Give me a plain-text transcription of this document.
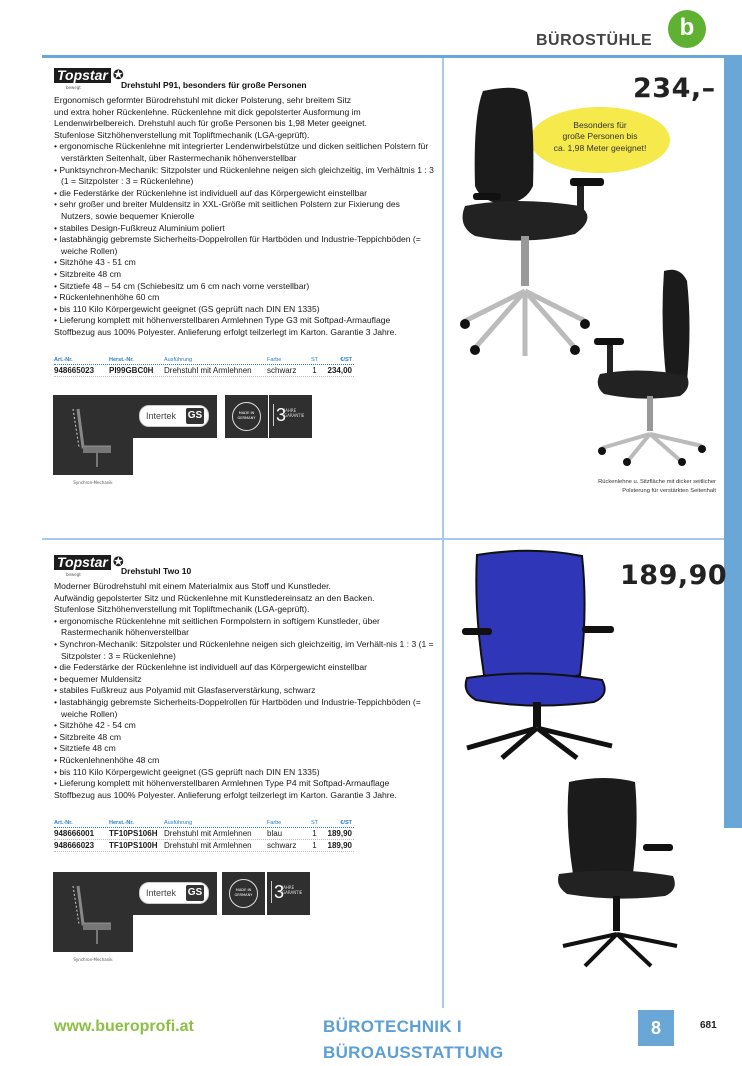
BÜROSTÜHLE	b
Topstar ✪
bewegt	Drehstuhl P91, besonders für große Personen
Ergonomisch geformter Bürodrehstuhl mit dicker Polsterung, sehr breitem Sitz
und extra hoher Rückenlehne. Rückenlehne mit dick gepolsterter Ausformung im
Lendenwirbelbereich. Drehstuhl auch für große Personen bis 1,98 Meter geeignet.
Stufenlose Sitzhöhenverstellung mit Topliftmechanik (LGA-geprüft).
• ergonomische Rückenlehne mit integrierter Lendenwirbelstütze und dicken seitlichen Polstern für verstärkten Seitenhalt, über Rastermechanik höhenverstellbar
• Punktsynchron-Mechanik: Sitzpolster und Rückenlehne neigen sich gleichzeitig, im Verhältnis 1 : 3 (1 = Sitzpolster : 3 = Rückenlehne)
• die Federstärke der Rückenlehne ist individuell auf das Körpergewicht einstellbar
• sehr großer und breiter Muldensitz in XXL-Größe mit seitlichen Polstern zur Fixierung des Nutzers, sowie bequemer Knierolle
• stabiles Design-Fußkreuz Aluminium poliert
• lastabhängig gebremste Sicherheits-Doppelrollen für Hartböden und Industrie-Teppichböden (= weiche Rollen)
• Sitzhöhe 43 - 51 cm
• Sitzbreite 48 cm
• Sitztiefe 48 – 54 cm (Schiebesitz um 6 cm nach vorne verstellbar)
• Rückenlehnenhöhe 60 cm
• bis 110 Kilo Körpergewicht geeignet (GS geprüft nach DIN EN 1335)
• Lieferung komplett mit höhenverstellbaren Armlehnen Type G3 mit Softpad-Armauflage
Stoffbezug aus 100% Polyester. Anlieferung erfolgt teilzerlegt im Karton. Garantie 3 Jahre.
Art.-Nr.	Herst.-Nr.	Ausführung	Farbe	ST	€/ST
948665023	PI99GBC0H	Drehstuhl mit Armlehnen	schwarz	1	234,00
Synchron-Mechanik
Intertek GS	MADE IN
GERMANY 3
JAHRE
GARANTIE
234,–
Besonders für
große Personen bis
ca. 1,98 Meter geeignet!
Rückenlehne u. Sitzfläche mit dicker seitlicher
Polsterung für verstärkten Seitenhalt
Topstar ✪
bewegt	Drehstuhl Two 10
Moderner Bürodrehstuhl mit einem Materialmix aus Stoff und Kunstleder.
Aufwändig gepolsterter Sitz und Rückenlehne mit Kunstledereinsatz an den Backen.
Stufenlose Sitzhöhenverstellung mit Topliftmechanik (LGA-geprüft).
• ergonomische Rückenlehne mit seitlichen Formpolstern in softigem Kunstleder, über Rastermechanik höhenverstellbar
• Synchron-Mechanik: Sitzpolster und Rückenlehne neigen sich gleichzeitig, im Verhält-nis 1 : 3 (1 = Sitzpolster : 3 = Rückenlehne)
• die Federstärke der Rückenlehne ist individuell auf das Körpergewicht einstellbar
• bequemer Muldensitz
• stabiles Fußkreuz aus Polyamid mit Glasfaserverstärkung, schwarz
• lastabhängig gebremste Sicherheits-Doppelrollen für Hartböden und Industrie-Teppichböden (= weiche Rollen)
• Sitzhöhe 42 - 54 cm
• Sitzbreite 48 cm
• Sitztiefe 48 cm
• Rückenlehnenhöhe 48 cm
• bis 110 Kilo Körpergewicht geeignet (GS geprüft nach DIN EN 1335)
• Lieferung komplett mit höhenverstellbaren Armlehnen Type P4 mit Softpad-Armauflage
Stoffbezug aus 100% Polyester. Anlieferung erfolgt teilzerlegt im Karton. Garantie 3 Jahre.
Art.-Nr.	Herst.-Nr.	Ausführung	Farbe	ST	€/ST
948666001	TF10PS106H Drehstuhl mit Armlehnen	blau	1	189,90
948666023	TF10PS100H Drehstuhl mit Armlehnen	schwarz	1	189,90
Synchron-Mechanik
Intertek GS	MADE IN
GERMANY 3
JAHRE
GARANTIE
189,90
www.bueroprofi.at	BÜROTECHNIK I BÜROAUSSTATTUNG
8	681
